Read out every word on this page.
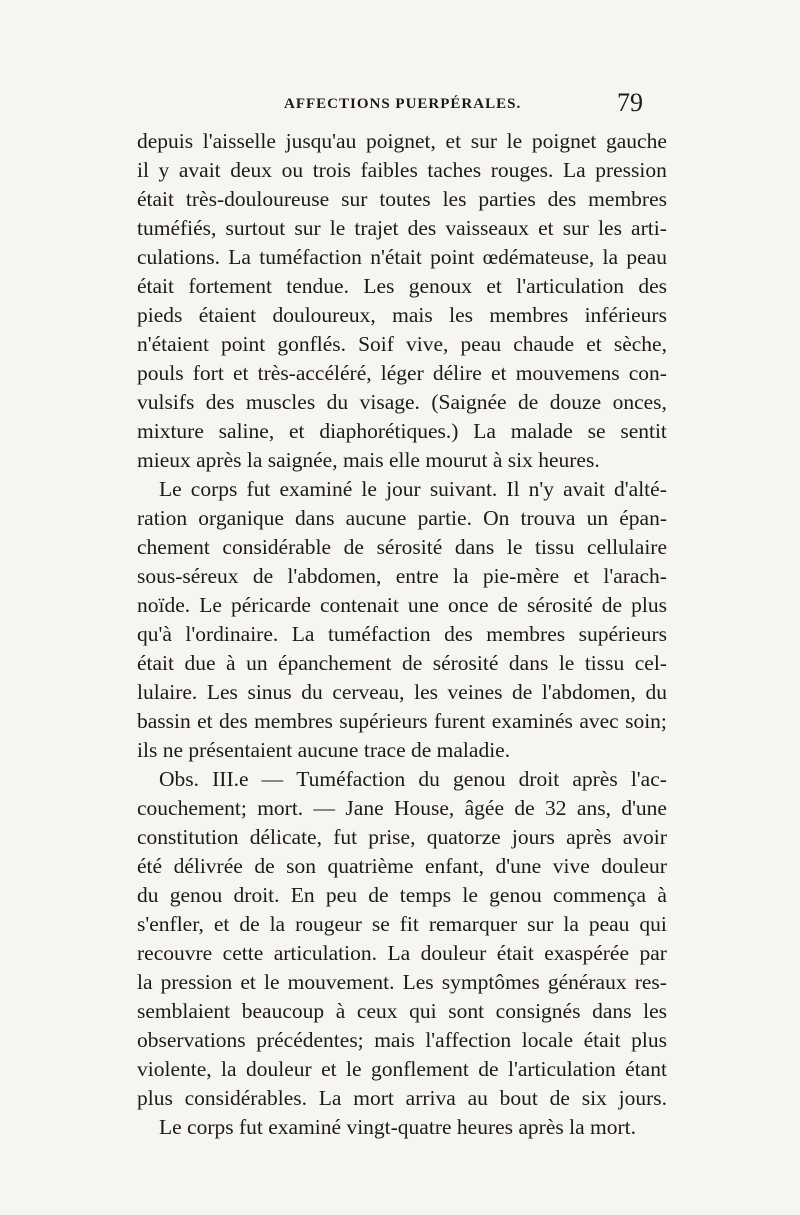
AFFECTIONS PUERPÉRALES.	79
depuis l'aisselle jusqu'au poignet, et sur le poignet gauche
il y avait deux ou trois faibles taches rouges. La pression
était très-douloureuse sur toutes les parties des membres
tuméfiés, surtout sur le trajet des vaisseaux et sur les arti-
culations. La tuméfaction n'était point œdémateuse, la peau
était fortement tendue. Les genoux et l'articulation des
pieds étaient douloureux, mais les membres inférieurs
n'étaient point gonflés. Soif vive, peau chaude et sèche,
pouls fort et très-accéléré, léger délire et mouvemens con-
vulsifs des muscles du visage. (Saignée de douze onces,
mixture saline, et diaphorétiques.) La malade se sentit
mieux après la saignée, mais elle mourut à six heures.
Le corps fut examiné le jour suivant. Il n'y avait d'alté-
ration organique dans aucune partie. On trouva un épan-
chement considérable de sérosité dans le tissu cellulaire
sous-séreux de l'abdomen, entre la pie-mère et l'arach-
noïde. Le péricarde contenait une once de sérosité de plus
qu'à l'ordinaire. La tuméfaction des membres supérieurs
était due à un épanchement de sérosité dans le tissu cel-
lulaire. Les sinus du cerveau, les veines de l'abdomen, du
bassin et des membres supérieurs furent examinés avec soin;
ils ne présentaient aucune trace de maladie.
Obs. III.e — Tuméfaction du genou droit après l'ac-
couchement; mort. — Jane House, âgée de 32 ans, d'une
constitution délicate, fut prise, quatorze jours après avoir
été délivrée de son quatrième enfant, d'une vive douleur
du genou droit. En peu de temps le genou commença à
s'enfler, et de la rougeur se fit remarquer sur la peau qui
recouvre cette articulation. La douleur était exaspérée par
la pression et le mouvement. Les symptômes généraux res-
semblaient beaucoup à ceux qui sont consignés dans les
observations précédentes; mais l'affection locale était plus
violente, la douleur et le gonflement de l'articulation étant
plus considérables. La mort arriva au bout de six jours.
Le corps fut examiné vingt-quatre heures après la mort.
